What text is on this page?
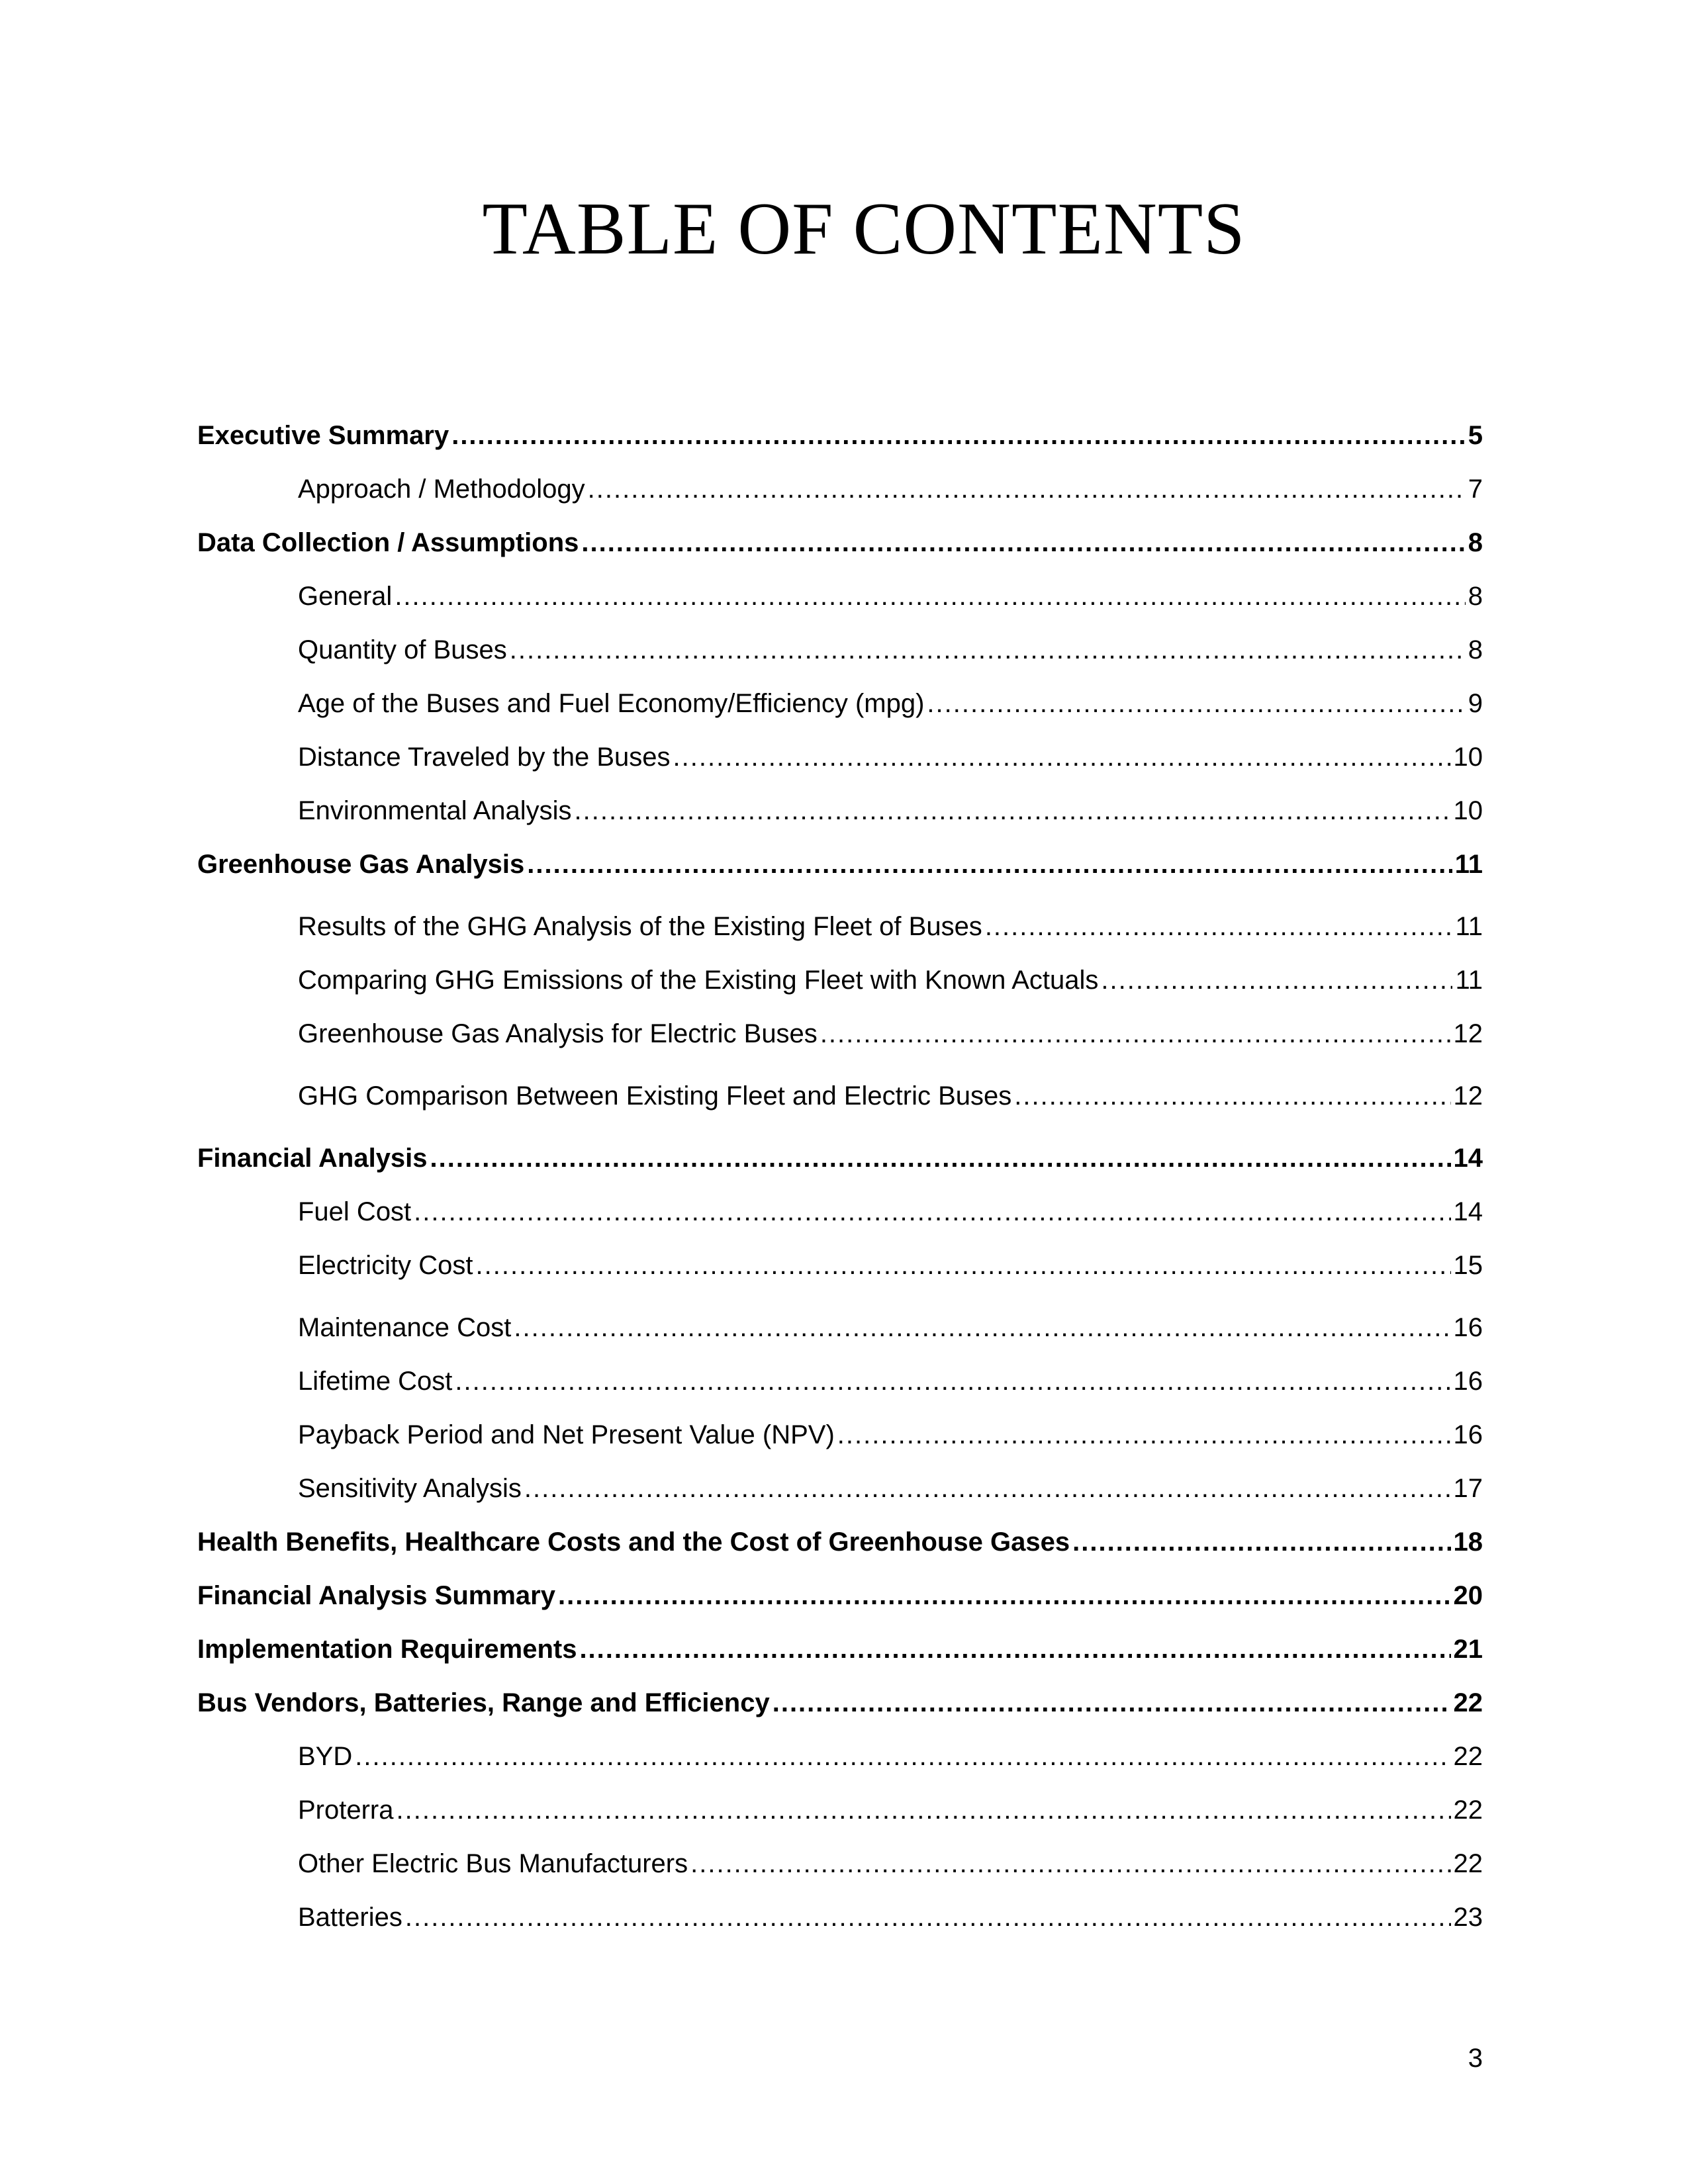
TABLE OF CONTENTS
Executive Summary .....	5
Approach / Methodology .....	7
Data Collection / Assumptions .....	8
General .....	8
Quantity of Buses .....	8
Age of the Buses and Fuel Economy/Efficiency (mpg) .....	9
Distance Traveled by the Buses .....	10
Environmental Analysis .....	10
Greenhouse Gas Analysis .....	11
Results of the GHG Analysis of the Existing Fleet of Buses .....	11
Comparing GHG Emissions of the Existing Fleet with Known Actuals .....	11
Greenhouse Gas Analysis for Electric Buses .....	12
GHG Comparison Between Existing Fleet and Electric Buses .....	12
Financial Analysis .....	14
Fuel Cost .....	14
Electricity Cost .....	15
Maintenance Cost .....	16
Lifetime Cost .....	16
Payback Period and Net Present Value (NPV) .....	16
Sensitivity Analysis .....	17
Health Benefits, Healthcare Costs and the Cost of Greenhouse Gases .....	18
Financial Analysis Summary .....	20
Implementation Requirements .....	21
Bus Vendors, Batteries, Range and Efficiency .....	22
BYD .....	22
Proterra .....	22
Other Electric Bus Manufacturers .....	22
Batteries .....	23
3
